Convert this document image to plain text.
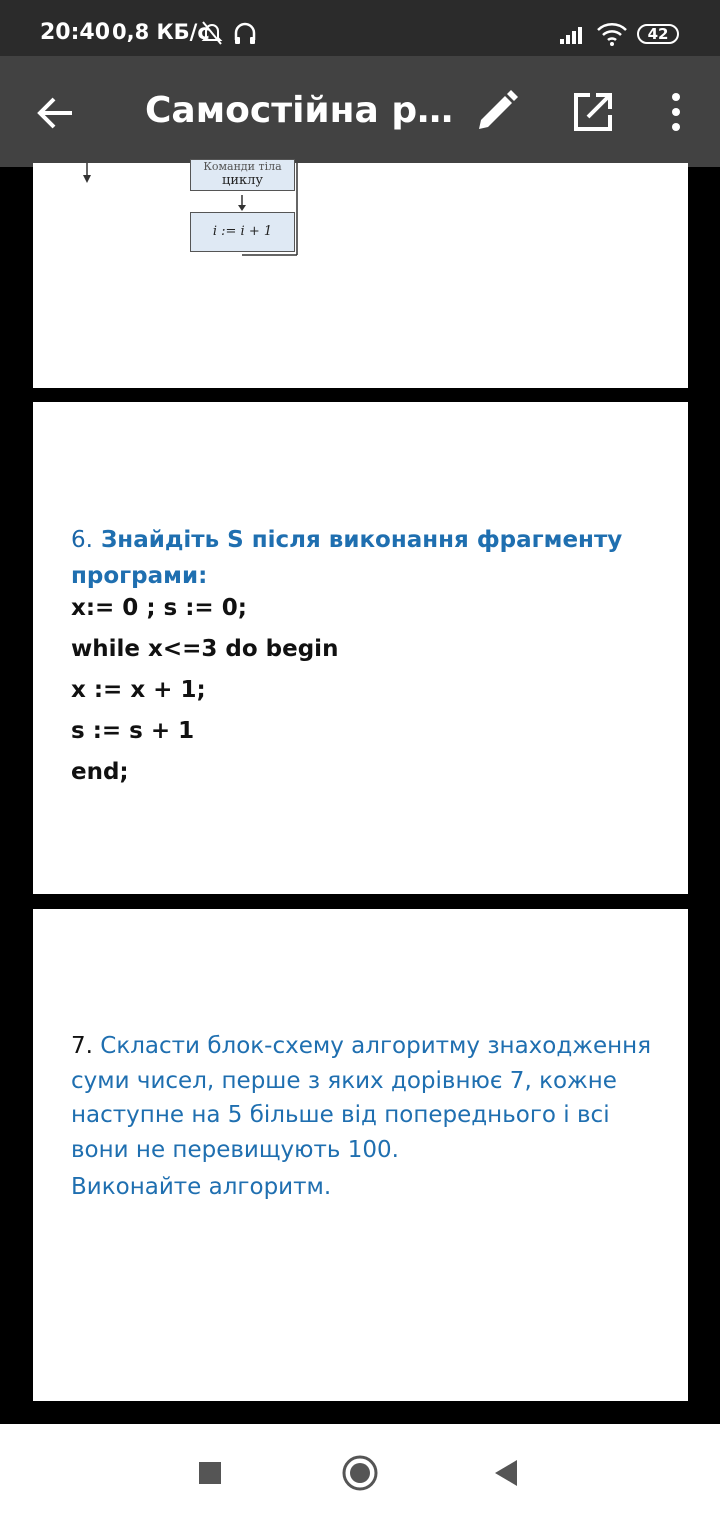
20:40 0,8 КБ/с	42
Самостійна р…
Команди тіла
циклу
i := i + 1
6. Знайдіть S після виконання фрагменту програми:
x:= 0 ; s := 0;
while x<=3 do begin
x := x + 1;
s := s + 1
end;
7. Скласти блок-схему алгоритму знаходження суми чисел, перше з яких дорівнює 7, кожне наступне на 5 більше від попереднього і всі вони не перевищують 100.
Виконайте алгоритм.
